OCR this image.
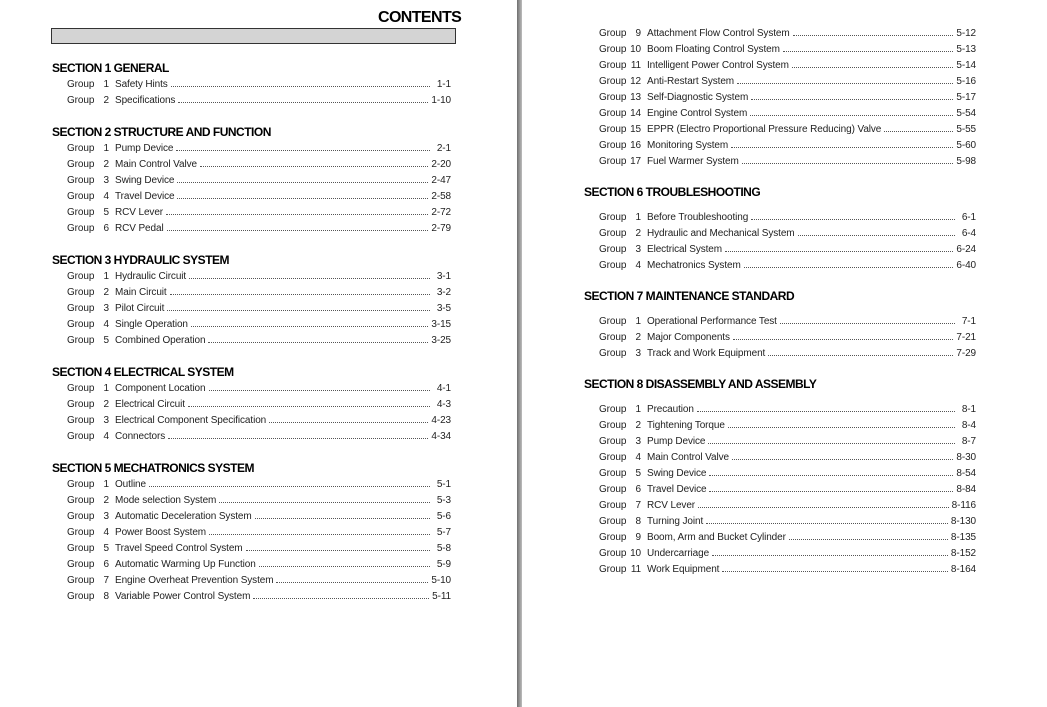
CONTENTS
SECTION 1 GENERAL
Group 1 Safety Hints	1-1
Group 2 Specifications	1-10
SECTION 2 STRUCTURE AND FUNCTION
Group 1 Pump Device	2-1
Group 2 Main Control Valve	2-20
Group 3 Swing Device	2-47
Group 4 Travel Device	2-58
Group 5 RCV Lever	2-72
Group 6 RCV Pedal	2-79
SECTION 3 HYDRAULIC SYSTEM
Group 1 Hydraulic Circuit	3-1
Group 2 Main Circuit	3-2
Group 3 Pilot Circuit	3-5
Group 4 Single Operation	3-15
Group 5 Combined Operation	3-25
SECTION 4 ELECTRICAL SYSTEM
Group 1 Component Location	4-1
Group 2 Electrical Circuit	4-3
Group 3 Electrical Component Specification	4-23
Group 4 Connectors	4-34
SECTION 5 MECHATRONICS SYSTEM
Group 1 Outline	5-1
Group 2 Mode selection System	5-3
Group 3 Automatic Deceleration System	5-6
Group 4 Power Boost System	5-7
Group 5 Travel Speed Control System	5-8
Group 6 Automatic Warming Up Function	5-9
Group 7 Engine Overheat Prevention System	5-10
Group 8 Variable Power Control System	5-11
Group 9 Attachment Flow Control System	5-12
Group 10 Boom Floating Control System	5-13
Group 11 Intelligent Power Control System	5-14
Group 12 Anti-Restart System	5-16
Group 13 Self-Diagnostic System	5-17
Group 14 Engine Control System	5-54
Group 15 EPPR (Electro Proportional Pressure Reducing) Valve	5-55
Group 16 Monitoring System	5-60
Group 17 Fuel Warmer System	5-98
SECTION 6 TROUBLESHOOTING
Group 1 Before Troubleshooting	6-1
Group 2 Hydraulic and Mechanical System	6-4
Group 3 Electrical System	6-24
Group 4 Mechatronics System	6-40
SECTION 7 MAINTENANCE STANDARD
Group 1 Operational Performance Test	7-1
Group 2 Major Components	7-21
Group 3 Track and Work Equipment	7-29
SECTION 8 DISASSEMBLY AND ASSEMBLY
Group 1 Precaution	8-1
Group 2 Tightening Torque	8-4
Group 3 Pump Device	8-7
Group 4 Main Control Valve	8-30
Group 5 Swing Device	8-54
Group 6 Travel Device	8-84
Group 7 RCV Lever	8-116
Group 8 Turning Joint	8-130
Group 9 Boom, Arm and Bucket Cylinder	8-135
Group 10 Undercarriage	8-152
Group 11 Work Equipment	8-164
